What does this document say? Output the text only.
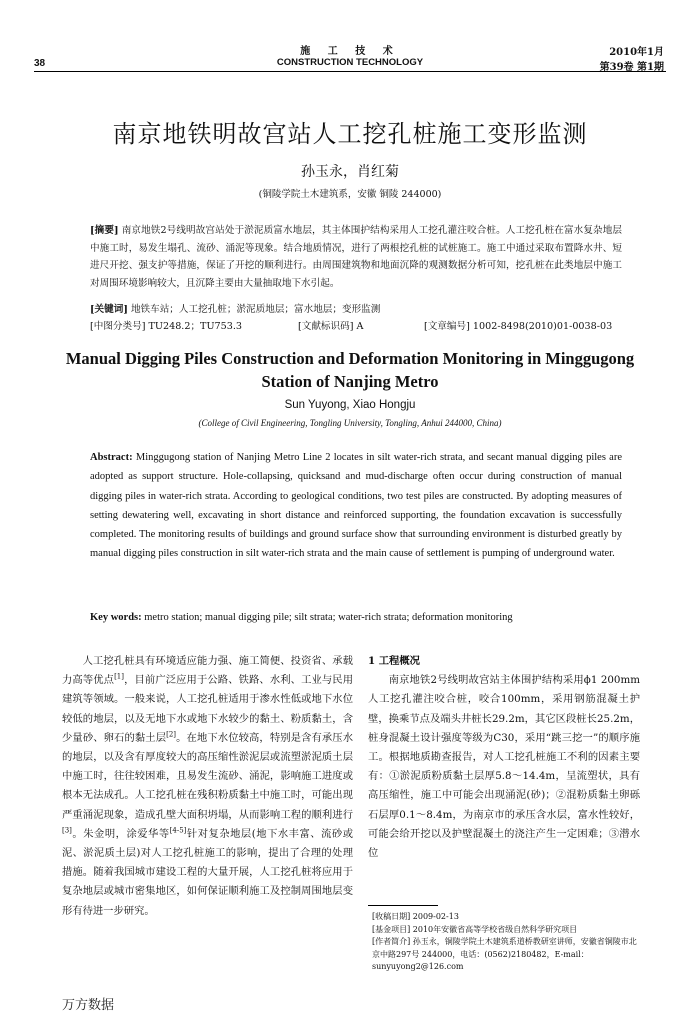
施 工 技 术
CONSTRUCTION TECHNOLOGY
38
2010年1月
第39卷 第1期
南京地铁明故宫站人工挖孔桩施工变形监测
孙玉永，肖红菊
(铜陵学院土木建筑系，安徽 铜陵 244000)
[摘要] 南京地铁2号线明故宫站处于淤泥质富水地层，其主体围护结构采用人工挖孔灌注咬合桩。人工挖孔桩在富水复杂地层中施工时，易发生塌孔、流砂、涌泥等现象。结合地质情况，进行了两根挖孔桩的试桩施工。施工中通过采取布置降水井、短进尺开挖、强支护等措施，保证了开挖的顺利进行。由周围建筑物和地面沉降的观测数据分析可知，挖孔桩在此类地层中施工对周围环境影响较大，且沉降主要由大量抽取地下水引起。
[关键词] 地铁车站；人工挖孔桩；淤泥质地层；富水地层；变形监测
[中图分类号] TU248.2；TU753.3	[文献标识码] A	[文章编号] 1002-8498(2010)01-0038-03
Manual Digging Piles Construction and Deformation Monitoring in Minggugong Station of Nanjing Metro
Sun Yuyong, Xiao Hongju
(College of Civil Engineering, Tongling University, Tongling, Anhui 244000, China)
Abstract: Minggugong station of Nanjing Metro Line 2 locates in silt water-rich strata, and secant manual digging piles are adopted as support structure. Hole-collapsing, quicksand and mud-discharge often occur during construction of manual digging piles in water-rich strata. According to geological conditions, two test piles are constructed. By adopting measures of setting dewatering well, excavating in short distance and reinforced supporting, the foundation excavation is successfully completed. The monitoring results of buildings and ground surface show that surrounding environment is disturbed greatly by manual digging piles construction in silt water-rich strata and the main cause of settlement is pumping of underground water.
Key words: metro station; manual digging pile; silt strata; water-rich strata; deformation monitoring
人工挖孔桩具有环境适应能力强、施工简便、投资省、承载力高等优点[1]，目前广泛应用于公路、铁路、水利、工业与民用建筑等领域。一般来说，人工挖孔桩适用于渗水性低或地下水位较低的地层，以及无地下水或地下水较少的黏土、粉质黏土，含少量砂、卵石的黏土层[2]。在地下水位较高，特别是含有承压水的地层，以及含有厚度较大的高压缩性淤泥层或流塑淤泥质土层中施工时，往往较困难，且易发生流砂、涌泥，影响施工进度或根本无法成孔。人工挖孔桩在残积粉质黏土中施工时，可能出现严重涌泥现象，造成孔壁大面积坍塌，从而影响工程的顺利进行[3]。朱金明，涂爱华等[4-5]针对复杂地层(地下水丰富、流砂或泥、淤泥质土层)对人工挖孔桩施工的影响，提出了合理的处理措施。随着我国城市建设工程的大量开展，人工挖孔桩将应用于复杂地层或城市密集地区，如何保证顺利施工及控制周围地层变形有待进一步研究。
1 工程概况

南京地铁2号线明故宫站主体围护结构采用ϕ1 200mm人工挖孔灌注咬合桩，咬合100mm，采用钢筋混凝土护壁，换乘节点及端头井桩长29.2m，其它区段桩长25.2m，桩身混凝土设计强度等级为C30，采用“跳三挖一”的顺序施工。根据地质勘查报告，对人工挖孔桩施工不利的因素主要有：①淤泥质粉质黏土层厚5.8～14.4m，呈流塑状，具有高压缩性，施工中可能会出现涌泥(砂)；②混粉质黏土卵砾石层厚0.1～8.4m，为南京市的承压含水层，富水性较好，可能会给开挖以及护壁混凝土的浇注产生一定困难；③潜水位

[收稿日期] 2009-02-13
[基金项目] 2010年安徽省高等学校省级自然科学研究项目
[作者简介] 孙玉永，铜陵学院土木建筑系道桥教研室讲师，安徽省铜陵市北京中路297号 244000，电话：(0562)2180482，E-mail：sunyuyong2@126.com
万方数据
